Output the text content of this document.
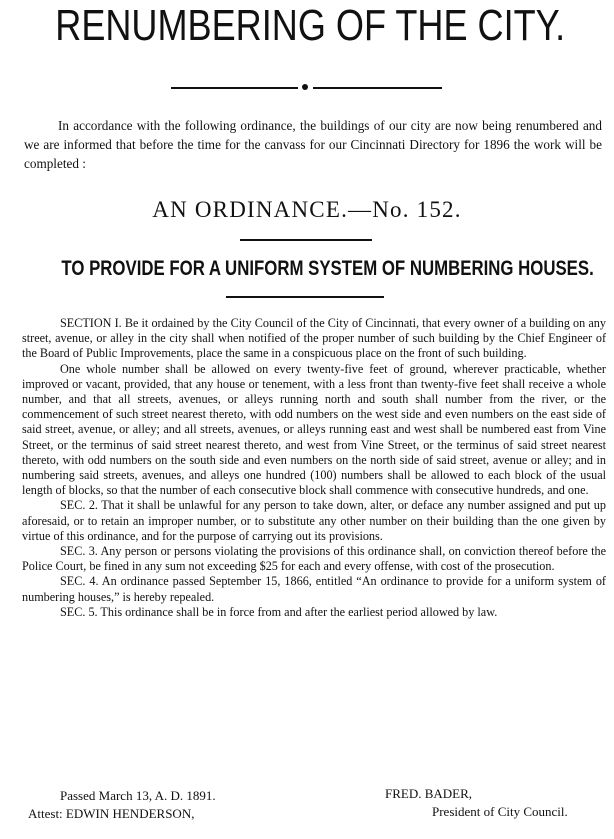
RENUMBERING OF THE CITY.

In accordance with the following ordinance, the buildings of our city are now being renumbered and we are informed that before the time for the canvass for our Cincinnati Directory for 1896 the work will be completed :

AN ORDINANCE.—No. 152.
TO PROVIDE FOR A UNIFORM SYSTEM OF NUMBERING HOUSES.

SECTION I. Be it ordained by the City Council of the City of Cincinnati, that every owner of a building on any street, avenue, or alley in the city shall when notified of the proper number of such building by the Chief Engineer of the Board of Public Improvements, place the same in a conspicuous place on the front of such building.

One whole number shall be allowed on every twenty-five feet of ground, wherever practicable, whether improved or vacant, provided, that any house or tenement, with a less front than twenty-five feet shall receive a whole number, and that all streets, avenues, or alleys running north and south shall number from the river, or the commencement of such street nearest thereto, with odd numbers on the west side and even numbers on the east side of said street, avenue, or alley; and all streets, avenues, or alleys running east and west shall be numbered east from Vine Street, or the terminus of said street nearest thereto, and west from Vine Street, or the terminus of said street nearest thereto, with odd numbers on the south side and even numbers on the north side of said street, avenue or alley; and in numbering said streets, avenues, and alleys one hundred (100) numbers shall be allowed to each block of the usual length of blocks, so that the number of each consecutive block shall commence with consecutive hundreds, and one.

SEC. 2. That it shall be unlawful for any person to take down, alter, or deface any number assigned and put up aforesaid, or to retain an improper number, or to substitute any other number on their building than the one given by virtue of this ordinance, and for the purpose of carrying out its provisions.

SEC. 3. Any person or persons violating the provisions of this ordinance shall, on conviction thereof before the Police Court, be fined in any sum not exceeding $25 for each and every offense, with cost of the prosecution.

SEC. 4. An ordinance passed September 15, 1866, entitled “An ordinance to provide for a uniform system of numbering houses,” is hereby repealed.

SEC. 5. This ordinance shall be in force from and after the earliest period allowed by law.

Passed March 13, A. D. 1891.
Attest: EDWIN HENDERSON,
FRED. BADER,
President of City Council.
